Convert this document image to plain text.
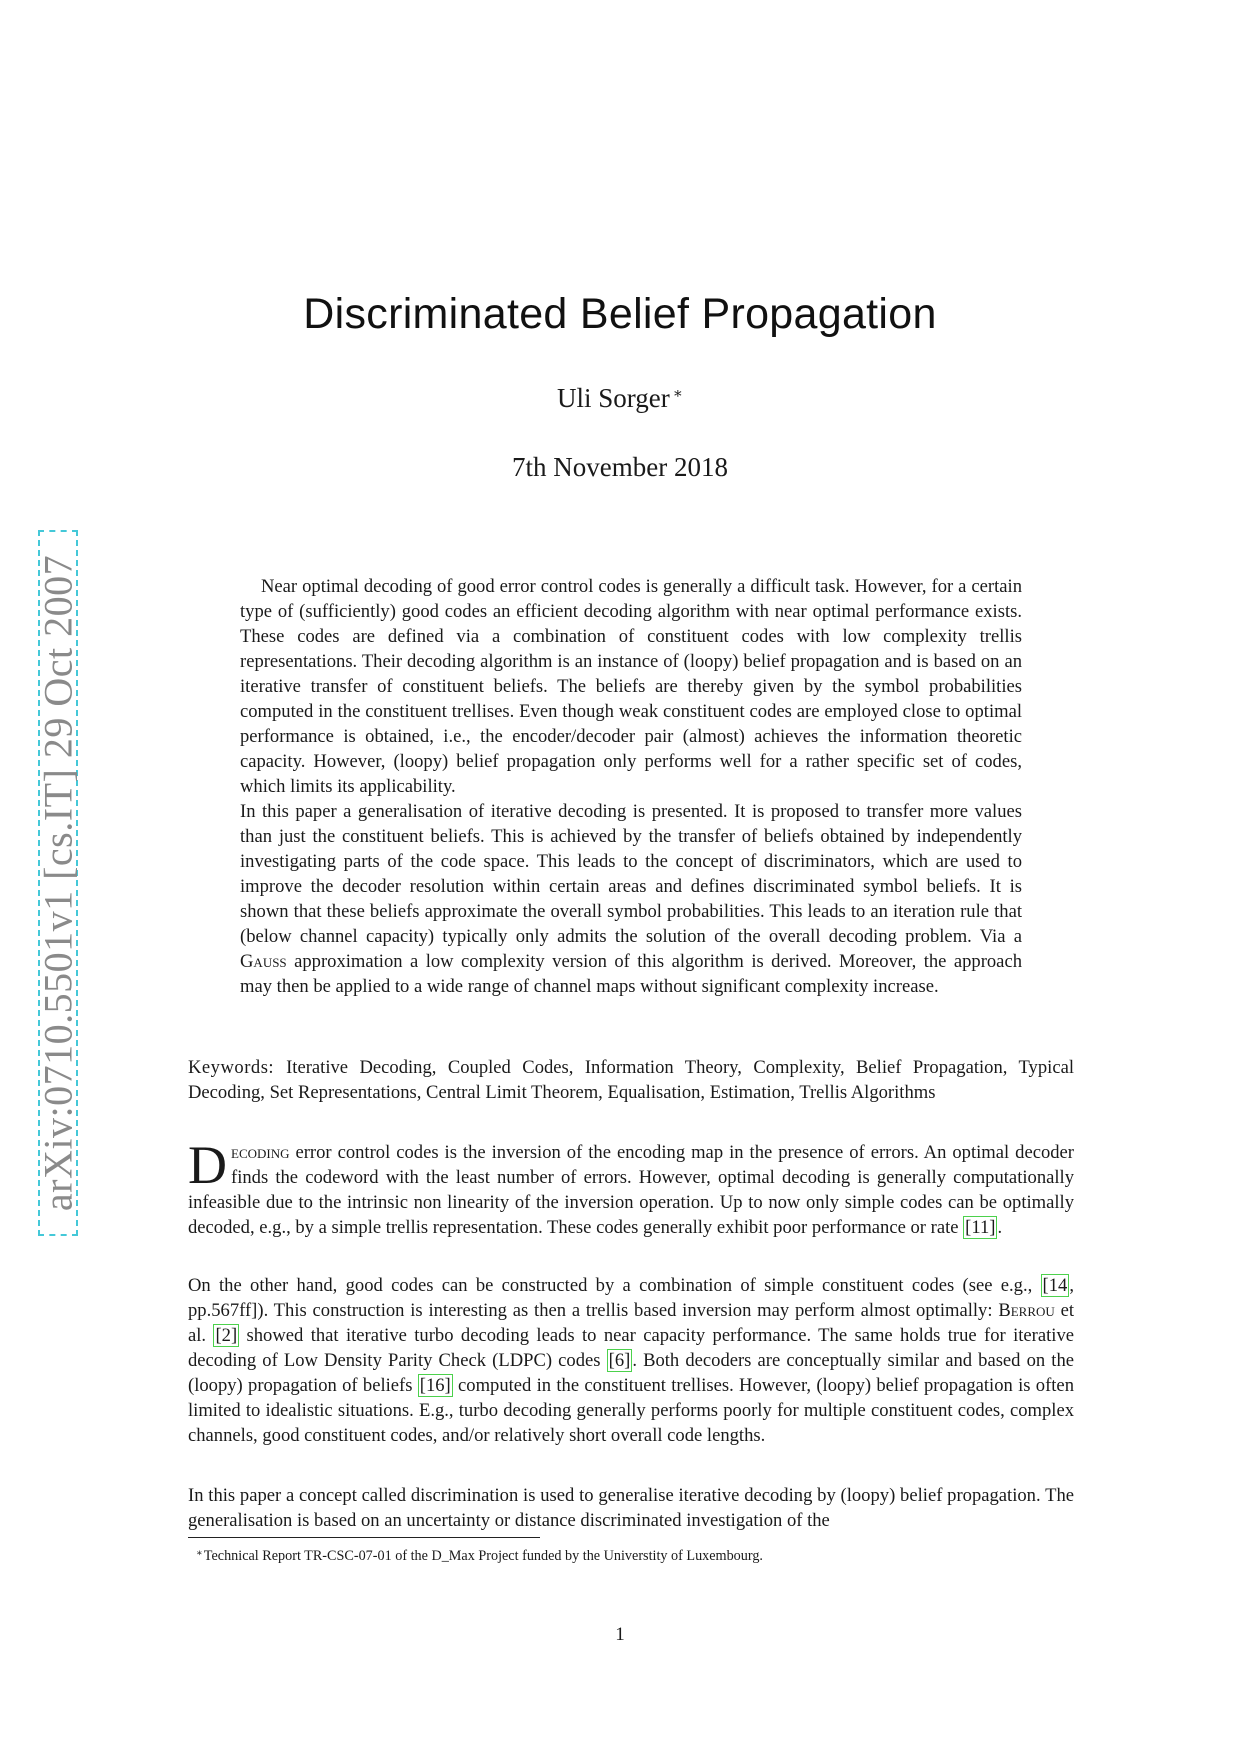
arXiv:0710.5501v1 [cs.IT] 29 Oct 2007
Discriminated Belief Propagation
Uli Sorger ∗
7th November 2018

Near optimal decoding of good error control codes is generally a difficult task. However, for a certain type of (sufficiently) good codes an efficient decoding algorithm with near optimal performance exists. These codes are defined via a combination of constituent codes with low complexity trellis representations. Their decoding algorithm is an instance of (loopy) belief propagation and is based on an iterative transfer of constituent beliefs. The beliefs are thereby given by the symbol probabilities computed in the constituent trellises. Even though weak constituent codes are employed close to optimal performance is obtained, i.e., the encoder/decoder pair (almost) achieves the information theoretic capacity. However, (loopy) belief propagation only performs well for a rather specific set of codes, which limits its applicability.

In this paper a generalisation of iterative decoding is presented. It is proposed to transfer more values than just the constituent beliefs. This is achieved by the transfer of beliefs obtained by independently investigating parts of the code space. This leads to the concept of discriminators, which are used to improve the decoder resolution within certain areas and defines discriminated symbol beliefs. It is shown that these beliefs approximate the overall symbol probabilities. This leads to an iteration rule that (below channel capacity) typically only admits the solution of the overall decoding problem. Via a Gauss approximation a low complexity version of this algorithm is derived. Moreover, the approach may then be applied to a wide range of channel maps without significant complexity increase.

Keywords: Iterative Decoding, Coupled Codes, Information Theory, Complexity, Belief Propagation, Typical Decoding, Set Representations, Central Limit Theorem, Equalisation, Estimation, Trellis Algorithms
Decoding error control codes is the inversion of the encoding map in the presence of errors. An optimal decoder finds the codeword with the least number of errors. However, optimal decoding is generally computationally infeasible due to the intrinsic non linearity of the inversion operation. Up to now only simple codes can be optimally decoded, e.g., by a simple trellis representation. These codes generally exhibit poor performance or rate [11] .
On the other hand, good codes can be constructed by a combination of simple constituent codes (see e.g., [14 , pp.567ff]). This construction is interesting as then a trellis based inversion may perform almost optimally: Berrou et al. [2] showed that iterative turbo decoding leads to near capacity performance. The same holds true for iterative decoding of Low Density Parity Check (LDPC) codes [6] . Both decoders are conceptually similar and based on the (loopy) propagation of beliefs [16] computed in the constituent trellises. However, (loopy) belief propagation is often limited to idealistic situations. E.g., turbo decoding generally performs poorly for multiple constituent codes, complex channels, good constituent codes, and/or relatively short overall code lengths.
In this paper a concept called discrimination is used to generalise iterative decoding by (loopy) belief propagation. The generalisation is based on an uncertainty or distance discriminated investigation of the
∗Technical Report TR-CSC-07-01 of the D_Max Project funded by the Universtity of Luxembourg.
1
